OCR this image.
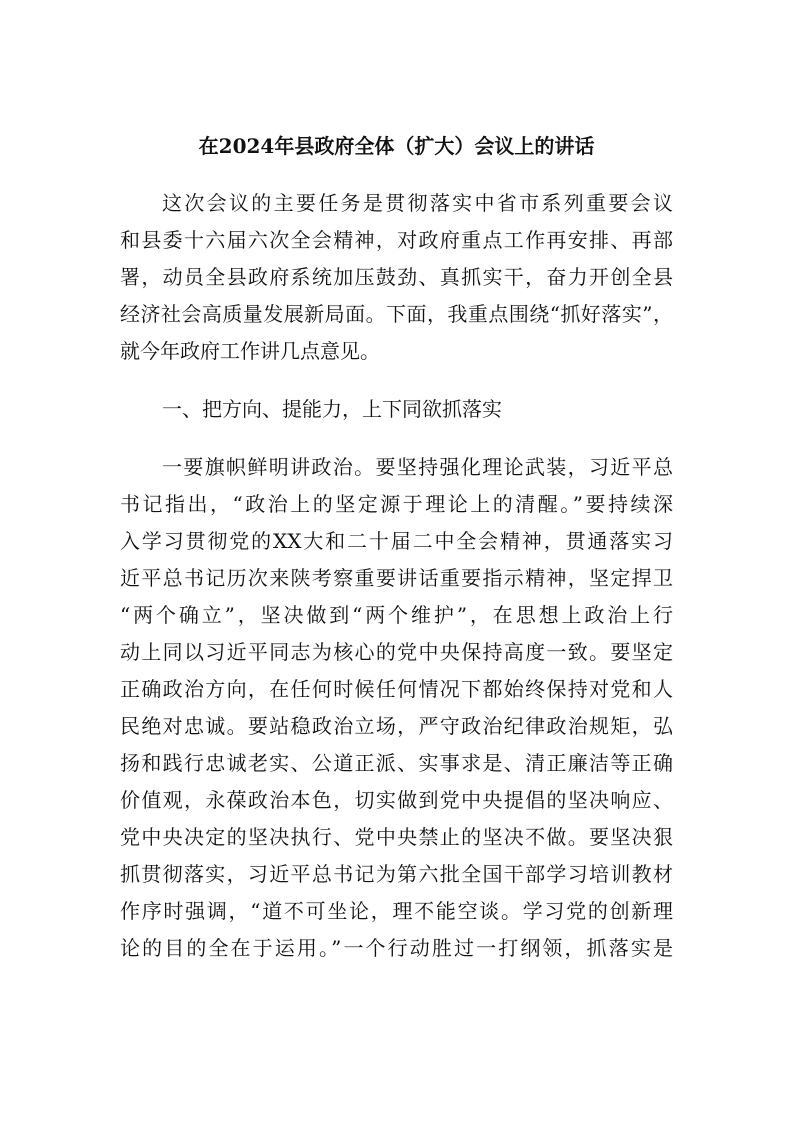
在2024年县政府全体（扩大）会议上的讲话
这次会议的主要任务是贯彻落实中省市系列重要会议
和县委十六届六次全会精神，对政府重点工作再安排、再部
署，动员全县政府系统加压鼓劲、真抓实干，奋力开创全县
经济社会高质量发展新局面。下面，我重点围绕“抓好落实”，
就今年政府工作讲几点意见。
一、把方向、提能力，上下同欲抓落实
一要旗帜鲜明讲政治。要坚持强化理论武装，习近平总
书记指出，“政治上的坚定源于理论上的清醒。”要持续深
入学习贯彻党的XX大和二十届二中全会精神，贯通落实习
近平总书记历次来陕考察重要讲话重要指示精神，坚定捍卫
“两个确立”，坚决做到“两个维护”，在思想上政治上行
动上同以习近平同志为核心的党中央保持高度一致。要坚定
正确政治方向，在任何时候任何情况下都始终保持对党和人
民绝对忠诚。要站稳政治立场，严守政治纪律政治规矩，弘
扬和践行忠诚老实、公道正派、实事求是、清正廉洁等正确
价值观，永葆政治本色，切实做到党中央提倡的坚决响应、
党中央决定的坚决执行、党中央禁止的坚决不做。要坚决狠
抓贯彻落实，习近平总书记为第六批全国干部学习培训教材
作序时强调，“道不可坐论，理不能空谈。学习党的创新理
论的目的全在于运用。”一个行动胜过一打纲领，抓落实是
